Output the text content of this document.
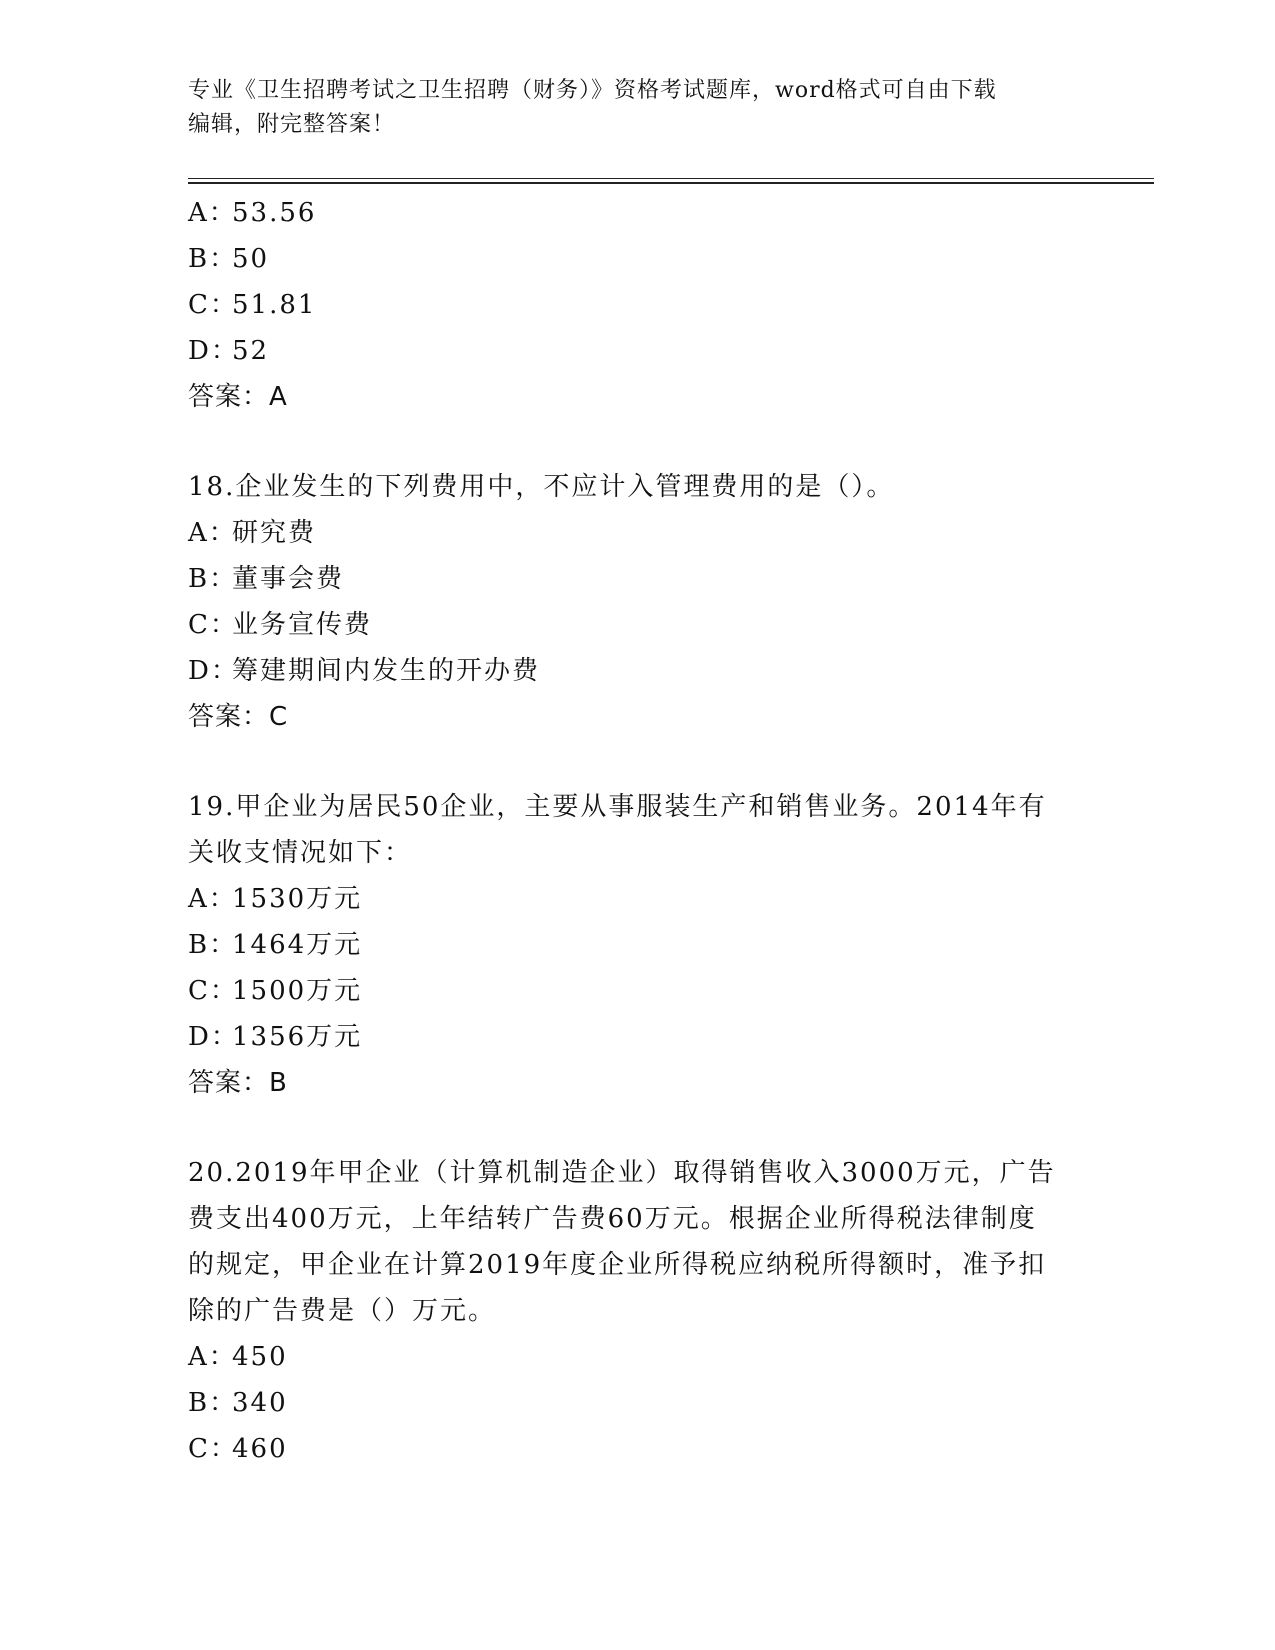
专业《卫生招聘考试之卫生招聘（财务）》资格考试题库，word格式可自由下载
编辑，附完整答案！
A：53.56
B：50
C：51.81
D：52
答案：A
18.企业发生的下列费用中，不应计入管理费用的是（）。
A：研究费
B：董事会费
C：业务宣传费
D：筹建期间内发生的开办费
答案：C
19.甲企业为居民50企业，主要从事服装生产和销售业务。2014年有
关收支情况如下：
A：1530万元
B：1464万元
C：1500万元
D：1356万元
答案：B
20.2019年甲企业（计算机制造企业）取得销售收入3000万元，广告
费支出400万元，上年结转广告费60万元。根据企业所得税法律制度
的规定，甲企业在计算2019年度企业所得税应纳税所得额时，准予扣
除的广告费是（）万元。
A：450
B：340
C：460
